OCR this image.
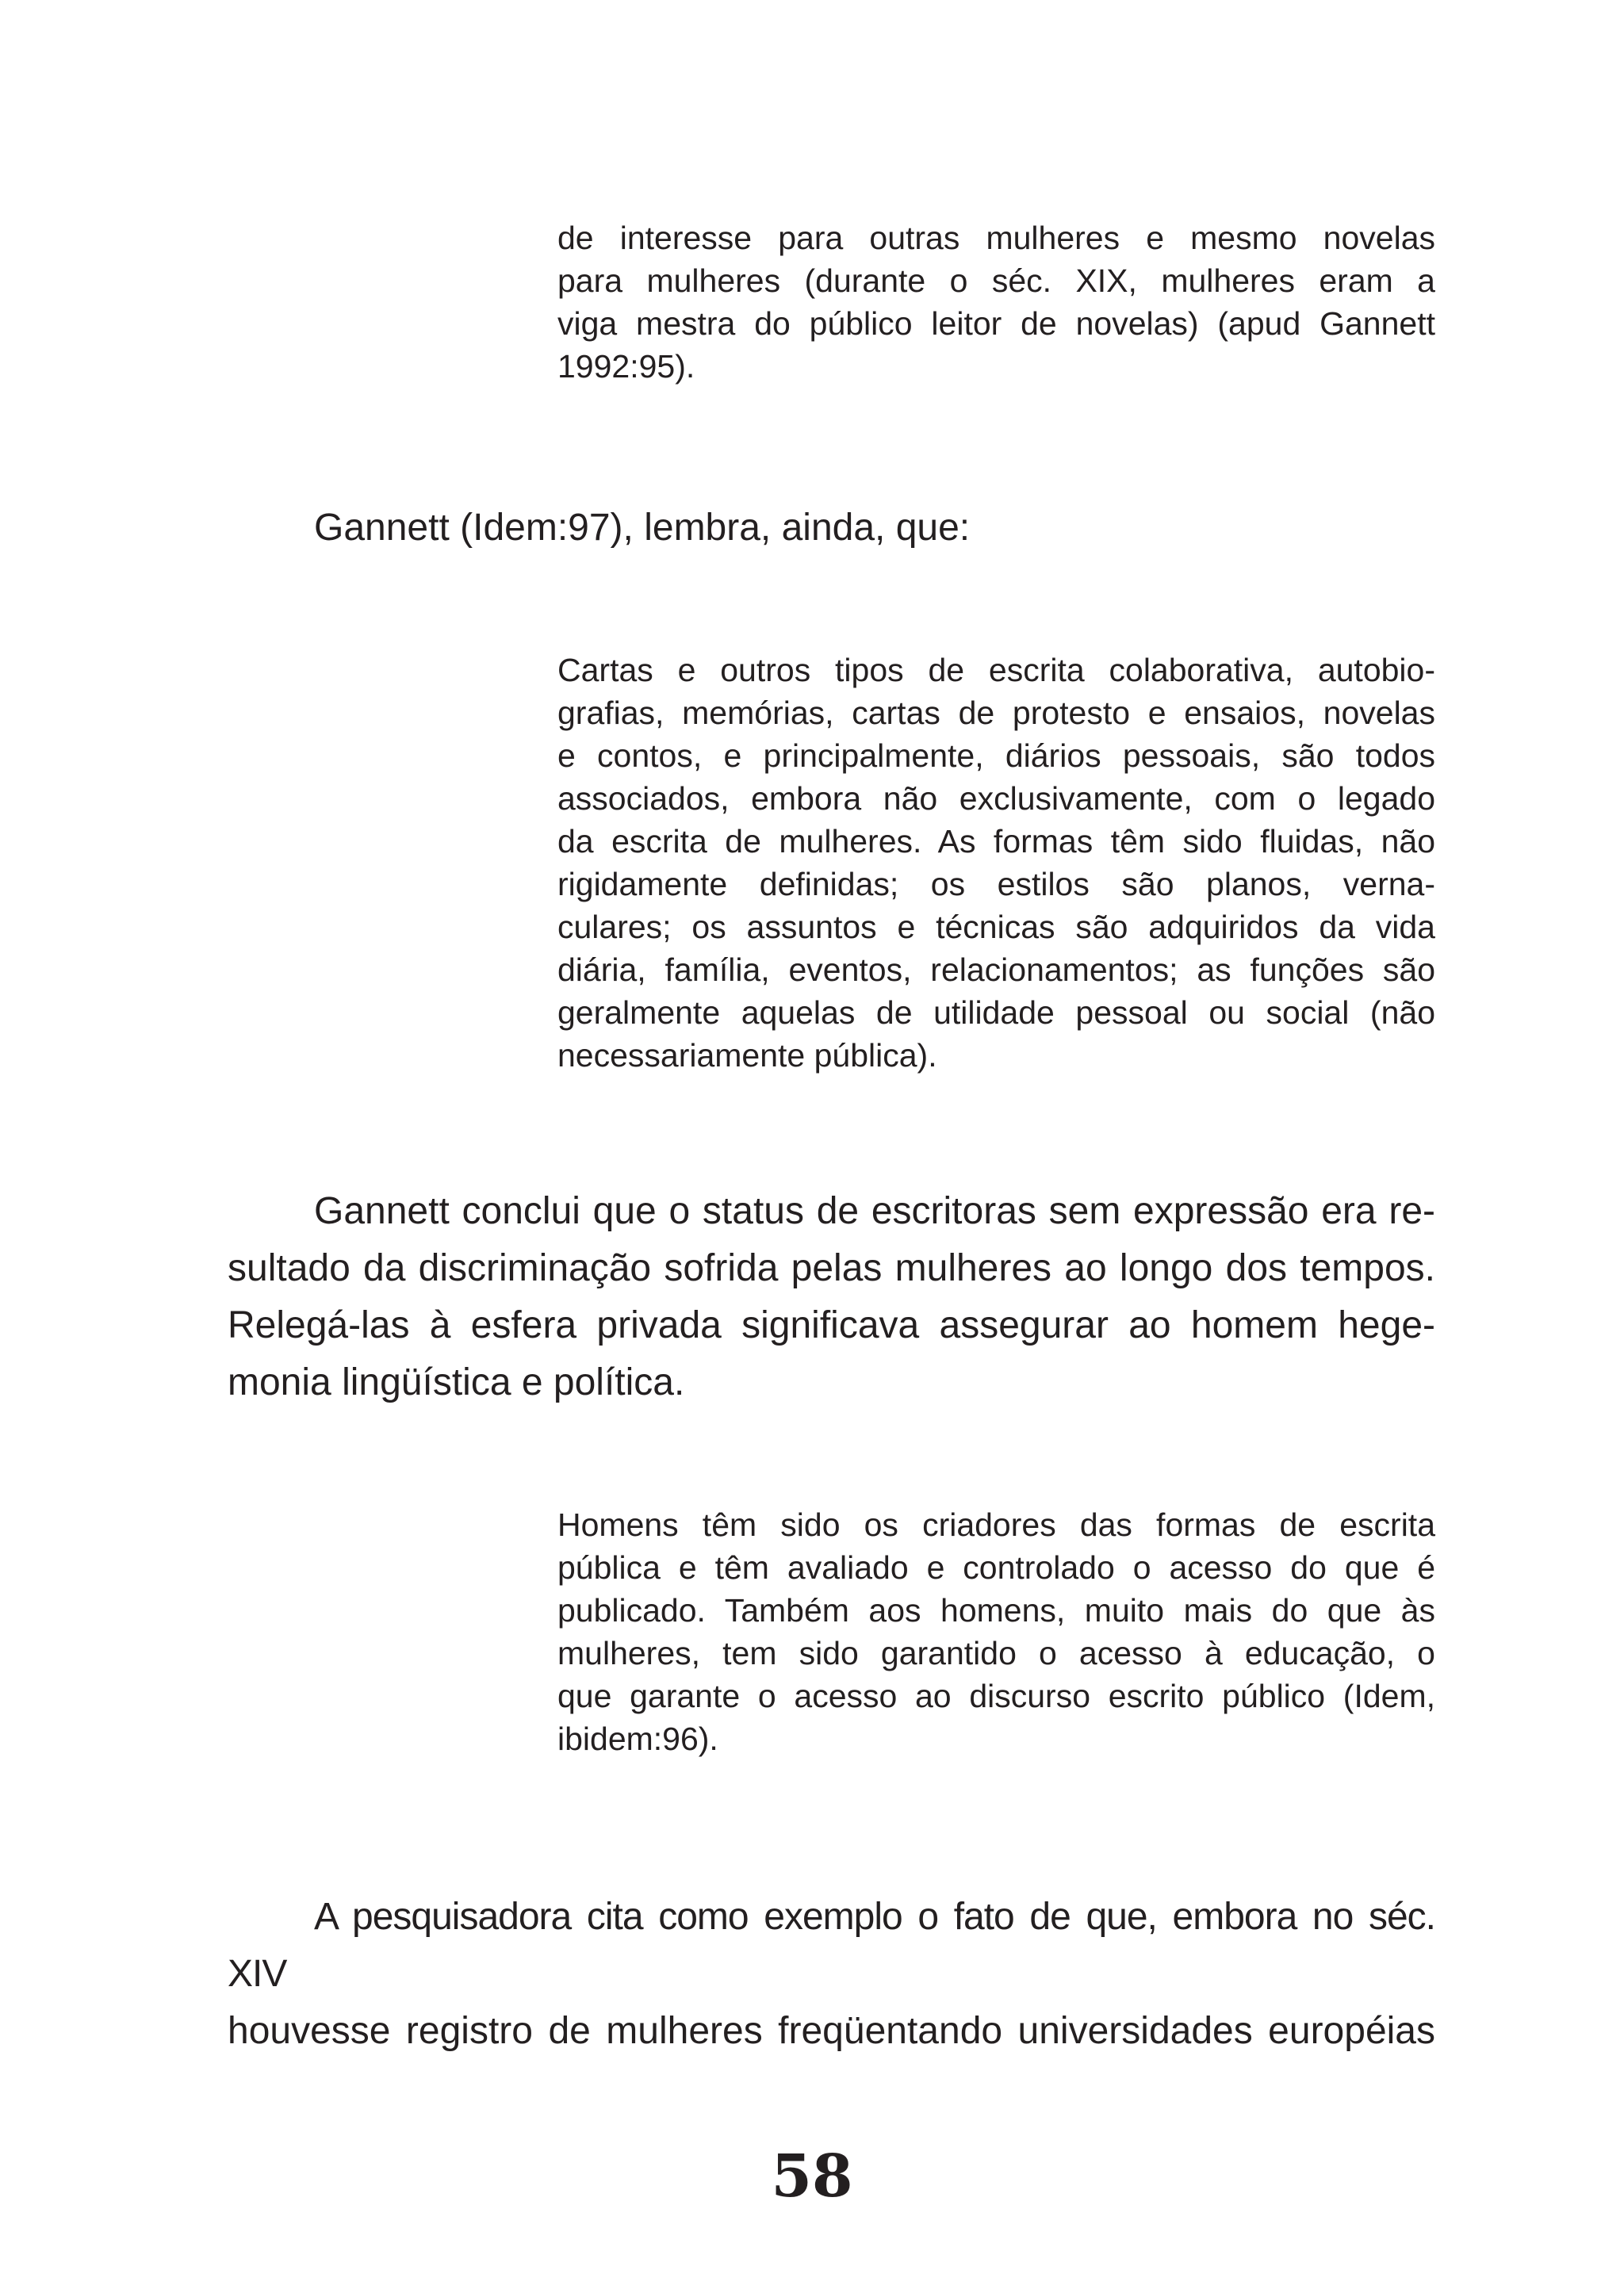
de interesse para outras mulheres e mesmo novelas
para mulheres (durante o séc. XIX, mulheres eram a
viga mestra do público leitor de novelas) (apud Gannett
1992:95).
Gannett (Idem:97), lembra, ainda, que:
Cartas e outros tipos de escrita colaborativa, autobio-
grafias, memórias, cartas de protesto e ensaios, novelas
e contos, e principalmente, diários pessoais, são todos
associados, embora não exclusivamente, com o legado
da escrita de mulheres. As formas têm sido fluidas, não
rigidamente definidas; os estilos são planos, verna-
culares; os assuntos e técnicas são adquiridos da vida
diária, família, eventos, relacionamentos; as funções são
geralmente aquelas de utilidade pessoal ou social (não
necessariamente pública).
Gannett conclui que o status de escritoras sem expressão era re-
sultado da discriminação sofrida pelas mulheres ao longo dos tempos.
Relegá-las à esfera privada significava assegurar ao homem hege-
monia lingüística e política.
Homens têm sido os criadores das formas de escrita
pública e têm avaliado e controlado o acesso do que é
publicado. Também aos homens, muito mais do que às
mulheres, tem sido garantido o acesso à educação, o
que garante o acesso ao discurso escrito público (Idem,
ibidem:96).
A pesquisadora cita como exemplo o fato de que, embora no séc. XIV
houvesse registro de mulheres freqüentando universidades européias
58
